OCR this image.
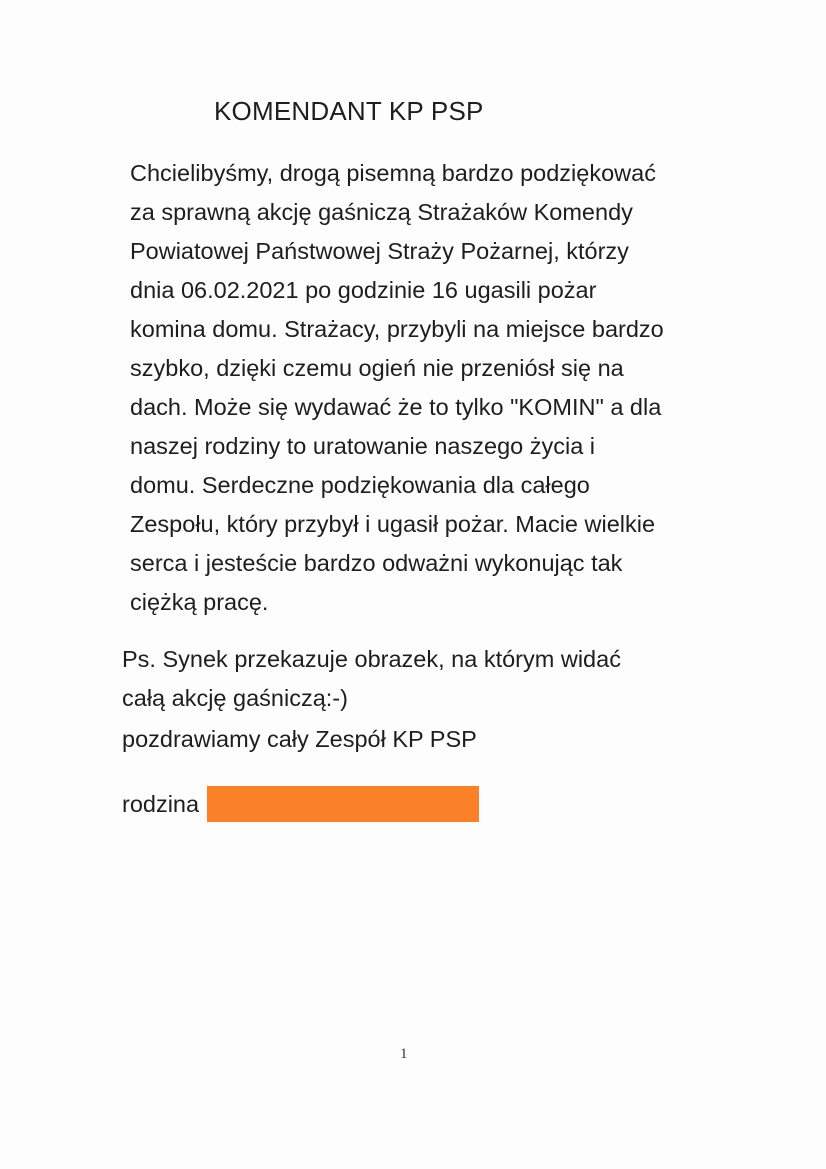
KOMENDANT KP PSP
Chcielibyśmy, drogą pisemną bardzo podziękować
za sprawną akcję gaśniczą Strażaków Komendy
Powiatowej Państwowej Straży Pożarnej, którzy
dnia 06.02.2021 po godzinie 16 ugasili pożar
komina domu. Strażacy, przybyli na miejsce bardzo
szybko, dzięki czemu ogień nie przeniósł się na
dach. Może się wydawać że to tylko "KOMIN" a dla
naszej rodziny to uratowanie naszego życia i
domu. Serdeczne podziękowania dla całego
Zespołu, który przybył i ugasił pożar. Macie wielkie
serca i jesteście bardzo odważni wykonując tak
ciężką pracę.
Ps. Synek przekazuje obrazek, na którym widać
całą akcję gaśniczą:-)
pozdrawiamy cały Zespół KP PSP
rodzina
1
